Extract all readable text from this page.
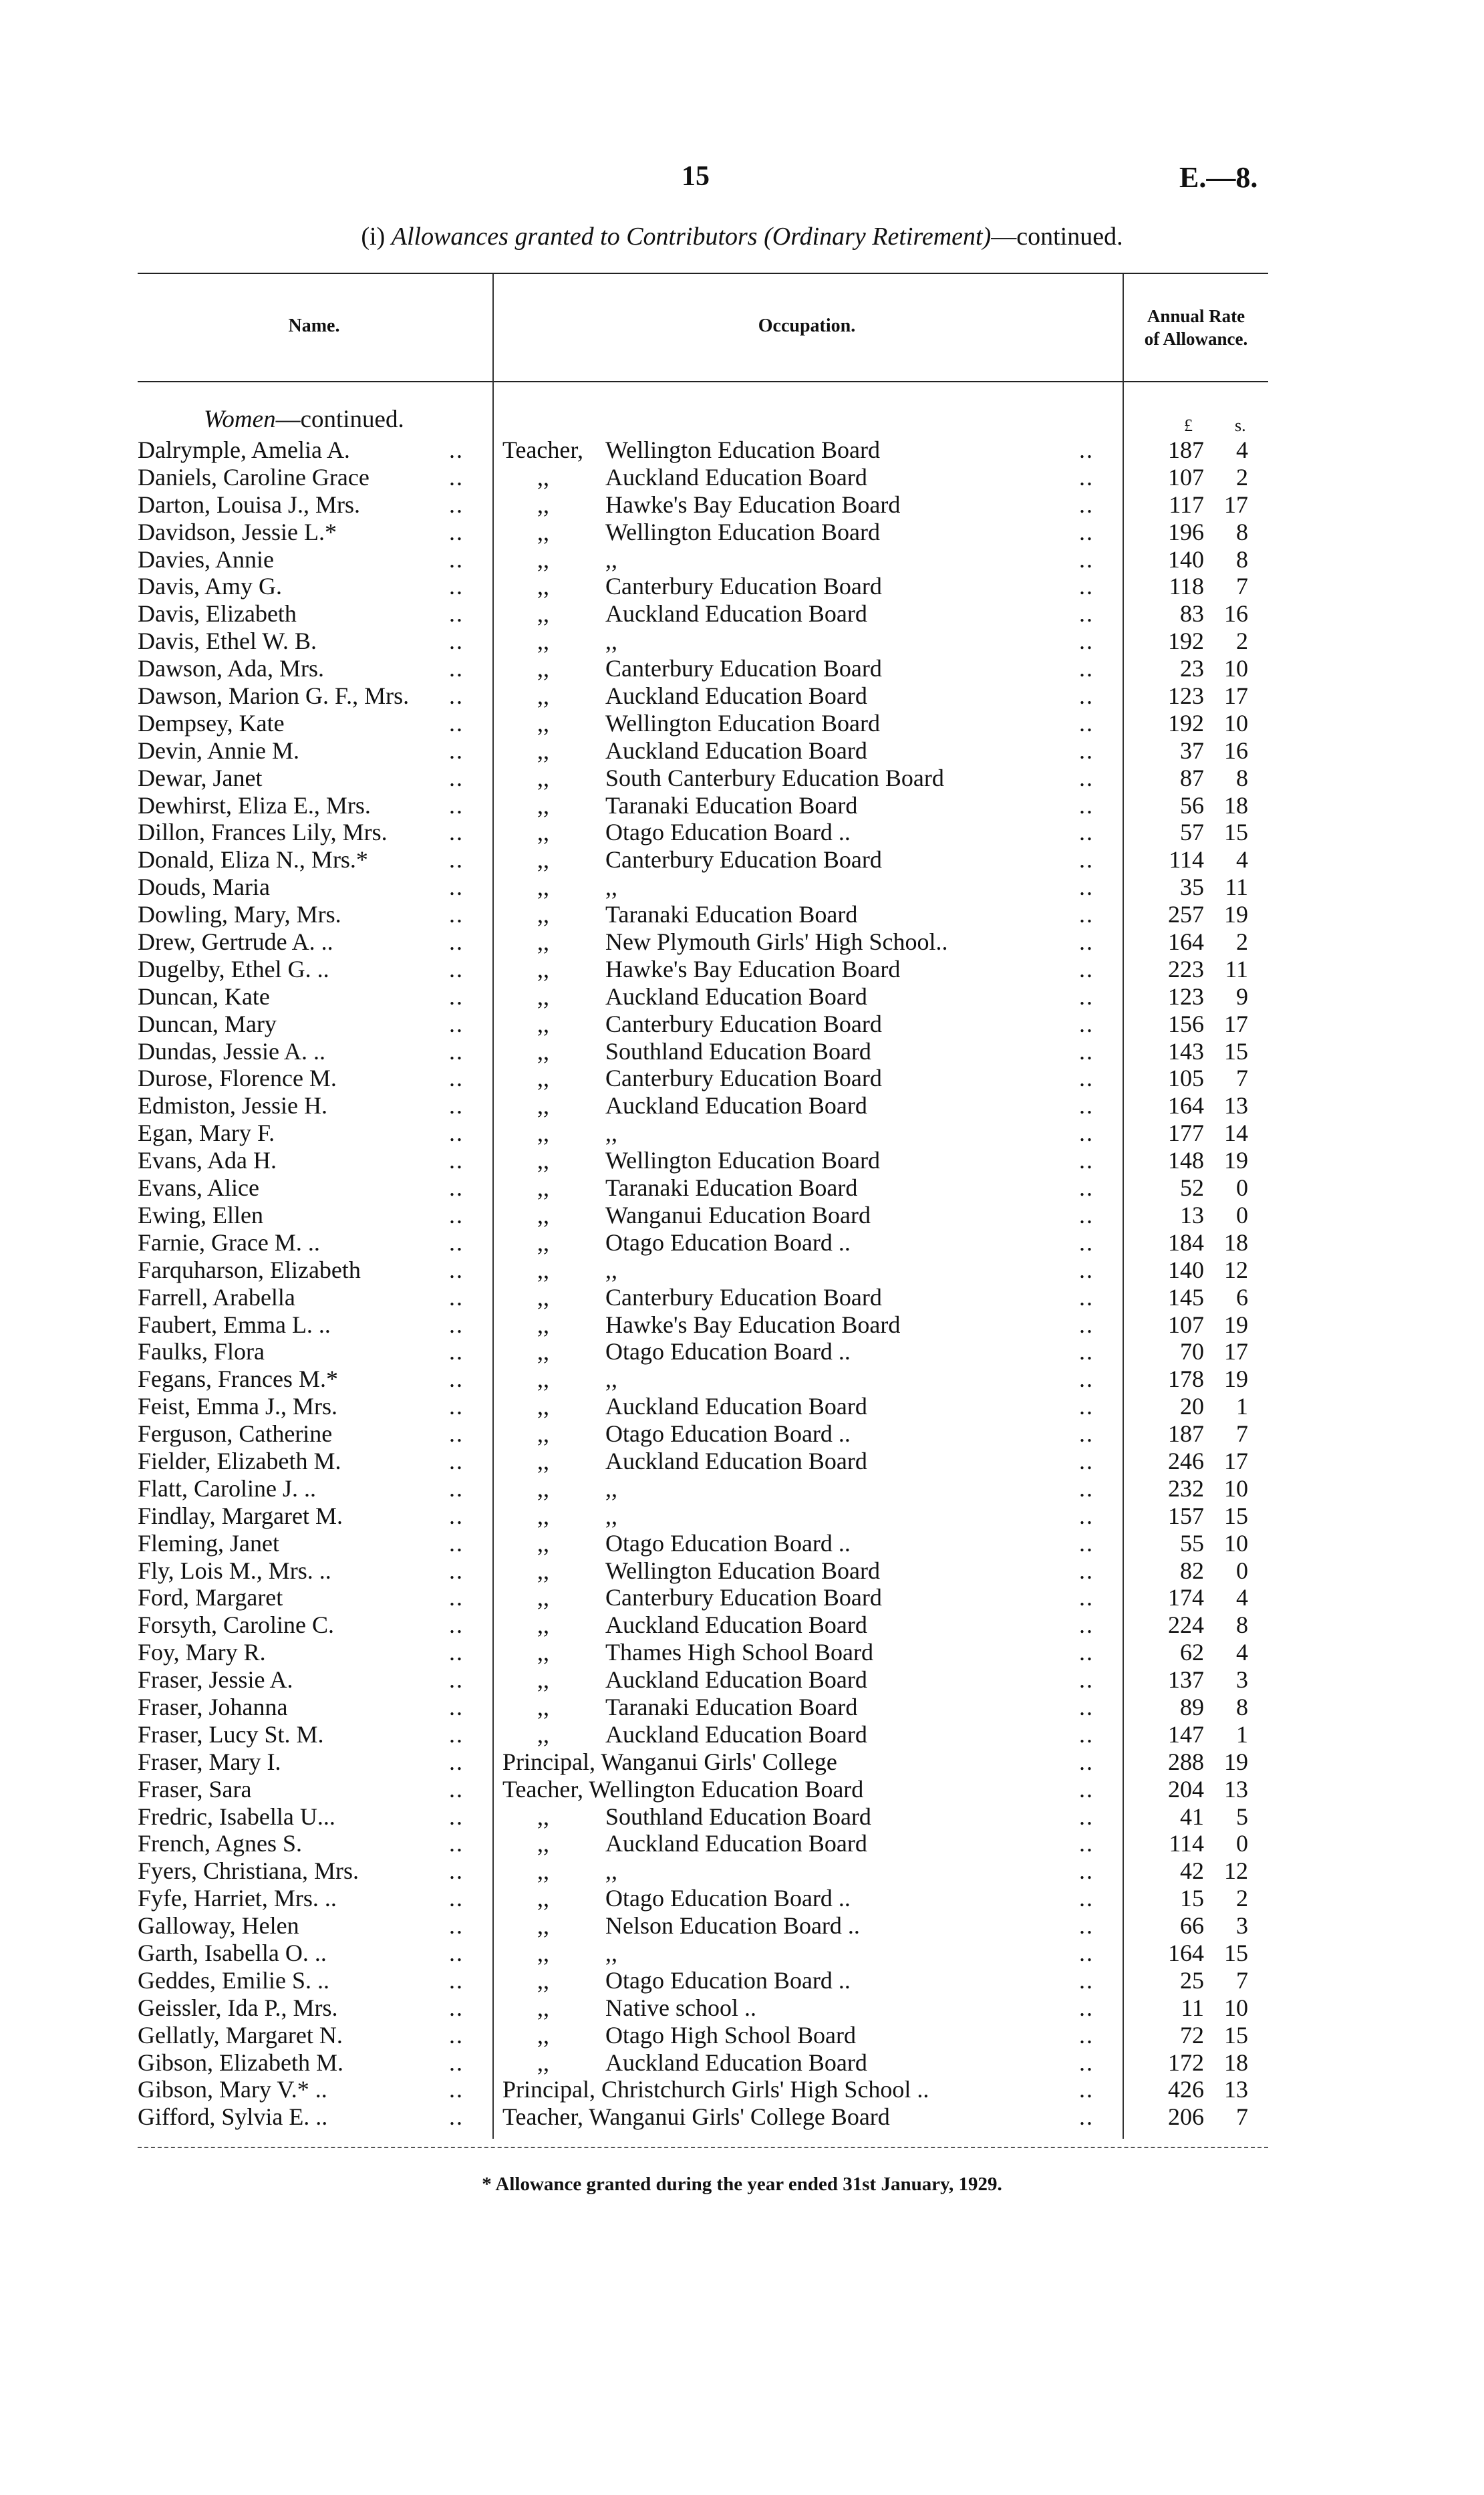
15	E.—8.
(i) Allowances granted to Contributors (Ordinary Retirement)—continued.
Name.	Occupation.	Annual Rate
of Allowance.
Women—continued.	£ s.
Dalrymple, Amelia A.	.. Teacher, Wellington Education Board	..	187	4
Daniels, Caroline Grace	..	,, Auckland Education Board	..	107	2
Darton, Louisa J., Mrs.	..	,, Hawke's Bay Education Board	..	117 17
Davidson, Jessie L.*	..	,, Wellington Education Board	..	196	8
Davies, Annie	..	,, ,,	..	140	8
Davis, Amy G.	..	,, Canterbury Education Board	..	118	7
Davis, Elizabeth	..	,, Auckland Education Board	..	83 16
Davis, Ethel W. B.	..	,, ,,	..	192	2
Dawson, Ada, Mrs.	..	,, Canterbury Education Board	..	23 10
Dawson, Marion G. F., Mrs. ..	,, Auckland Education Board	..	123 17
Dempsey, Kate	..	,, Wellington Education Board	..	192 10
Devin, Annie M.	..	,, Auckland Education Board	..	37 16
Dewar, Janet	..	,, South Canterbury Education Board	..	87	8
Dewhirst, Eliza E., Mrs.	..	,, Taranaki Education Board	..	56 18
Dillon, Frances Lily, Mrs.	..	,, Otago Education Board ..	..	57 15
Donald, Eliza N., Mrs.*	..	,, Canterbury Education Board	..	114	4
Douds, Maria	..	,, ,,	..	35 11
Dowling, Mary, Mrs.	..	,, Taranaki Education Board	..	257 19
Drew, Gertrude A. ..	..	,, New Plymouth Girls' High School..	..	164	2
Dugelby, Ethel G. ..	..	,, Hawke's Bay Education Board	..	223 11
Duncan, Kate	..	,, Auckland Education Board	..	123	9
Duncan, Mary	..	,, Canterbury Education Board	..	156 17
Dundas, Jessie A. ..	..	,, Southland Education Board	..	143 15
Durose, Florence M.	..	,, Canterbury Education Board	..	105	7
Edmiston, Jessie H.	..	,, Auckland Education Board	..	164 13
Egan, Mary F.	..	,, ,,	..	177 14
Evans, Ada H.	..	,, Wellington Education Board	..	148 19
Evans, Alice	..	,, Taranaki Education Board	..	52	0
Ewing, Ellen	..	,, Wanganui Education Board	..	13	0
Farnie, Grace M. ..	..	,, Otago Education Board ..	..	184 18
Farquharson, Elizabeth	..	,, ,,	..	140 12
Farrell, Arabella	..	,, Canterbury Education Board	..	145	6
Faubert, Emma L. ..	..	,, Hawke's Bay Education Board	..	107 19
Faulks, Flora	..	,, Otago Education Board ..	..	70 17
Fegans, Frances M.*	..	,, ,,	..	178 19
Feist, Emma J., Mrs.	..	,, Auckland Education Board	..	20	1
Ferguson, Catherine	..	,, Otago Education Board ..	..	187	7
Fielder, Elizabeth M.	..	,, Auckland Education Board	..	246 17
Flatt, Caroline J. ..	..	,, ,,	..	232 10
Findlay, Margaret M.	..	,, ,,	..	157 15
Fleming, Janet	..	,, Otago Education Board ..	..	55 10
Fly, Lois M., Mrs. ..	..	,, Wellington Education Board	..	82	0
Ford, Margaret	..	,, Canterbury Education Board	..	174	4
Forsyth, Caroline C.	..	,, Auckland Education Board	..	224	8
Foy, Mary R.	..	,, Thames High School Board	..	62	4
Fraser, Jessie A.	..	,, Auckland Education Board	..	137	3
Fraser, Johanna	..	,, Taranaki Education Board	..	89	8
Fraser, Lucy St. M.	..	,, Auckland Education Board	..	147	1
Fraser, Mary I.	.. Principal, Wanganui Girls' College	..	288 19
Fraser, Sara	.. Teacher, Wellington Education Board	..	204 13
Fredric, Isabella U...	..	,, Southland Education Board	..	41	5
French, Agnes S.	..	,, Auckland Education Board	..	114	0
Fyers, Christiana, Mrs.	..	,, ,,	..	42 12
Fyfe, Harriet, Mrs. ..	..	,, Otago Education Board ..	..	15	2
Galloway, Helen	..	,, Nelson Education Board ..	..	66	3
Garth, Isabella O. ..	..	,, ,,	..	164 15
Geddes, Emilie S. ..	..	,, Otago Education Board ..	..	25	7
Geissler, Ida P., Mrs.	..	,, Native school ..	..	11 10
Gellatly, Margaret N.	..	,, Otago High School Board	..	72 15
Gibson, Elizabeth M.	..	,, Auckland Education Board	..	172 18
Gibson, Mary V.* ..	.. Principal, Christchurch Girls' High School ..	..	426 13
Gifford, Sylvia E. ..	.. Teacher, Wanganui Girls' College Board	..	206	7
* Allowance granted during the year ended 31st January, 1929.
